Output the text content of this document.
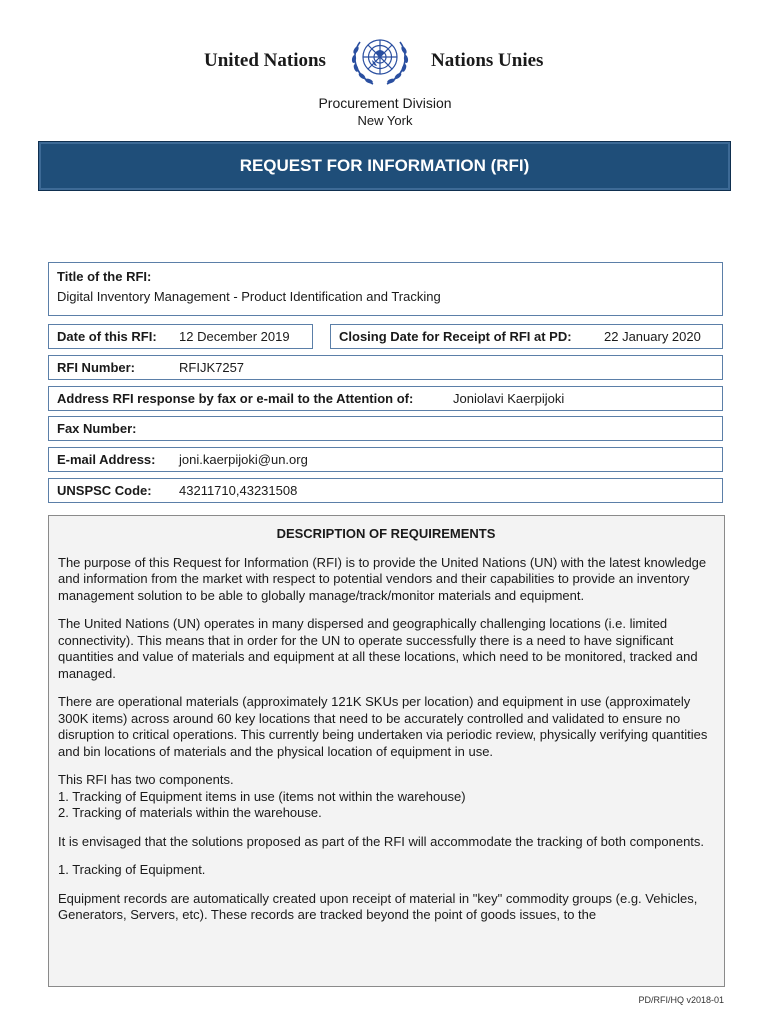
United Nations	Nations Unies
Procurement Division
New York
REQUEST FOR INFORMATION (RFI)
Title of the RFI:
Digital Inventory Management - Product Identification and Tracking
Date of this RFI:	12 December 2019	Closing Date for Receipt of RFI at PD:	22 January 2020
RFI Number:	RFIJK7257
Address RFI response by fax or e-mail to the Attention of:	Joniolavi Kaerpijoki
Fax Number:
E-mail Address:	joni.kaerpijoki@un.org
UNSPSC Code:	43211710,43231508
DESCRIPTION OF REQUIREMENTS

The purpose of this Request for Information (RFI) is to provide the United Nations (UN) with the latest knowledge and information from the market with respect to potential vendors and their capabilities to provide an inventory management solution to be able to globally manage/track/monitor materials and equipment.

The United Nations (UN) operates in many dispersed and geographically challenging locations (i.e. limited connectivity). This means that in order for the UN to operate successfully there is a need to have significant quantities and value of materials and equipment at all these locations, which need to be monitored, tracked and managed.

There are operational materials (approximately 121K SKUs per location) and equipment in use (approximately 300K items) across around 60 key locations that need to be accurately controlled and validated to ensure no disruption to critical operations. This currently being undertaken via periodic review, physically verifying quantities and bin locations of materials and the physical location of equipment in use.

This RFI has two components.
1. Tracking of Equipment items in use (items not within the warehouse)
2. Tracking of materials within the warehouse.

It is envisaged that the solutions proposed as part of the RFI will accommodate the tracking of both components.

1. Tracking of Equipment.

Equipment records are automatically created upon receipt of material in "key" commodity groups (e.g. Vehicles, Generators, Servers, etc). These records are tracked beyond the point of goods issues, to the

PD/RFI/HQ v2018-01
